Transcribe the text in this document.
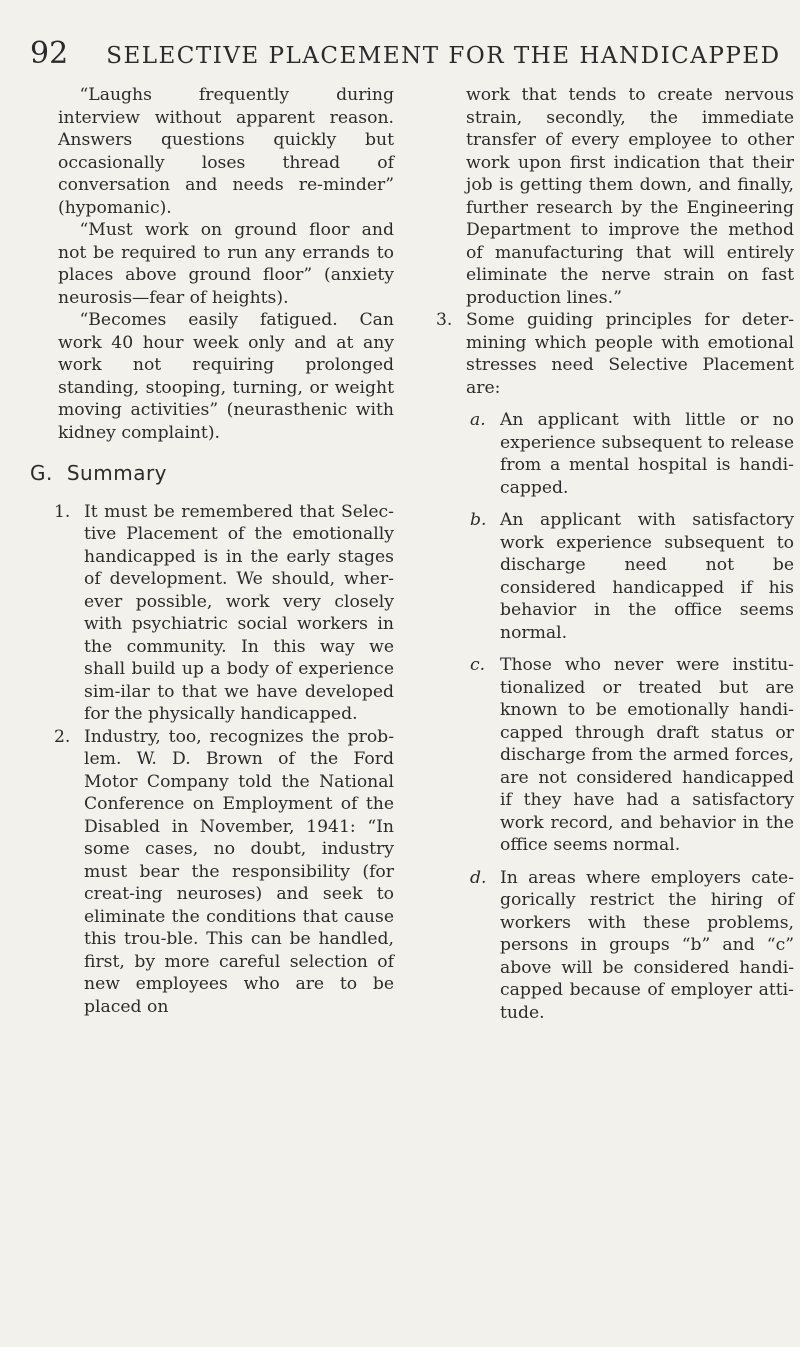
92 SELECTIVE PLACEMENT FOR THE HANDICAPPED

“Laughs frequently during interview without apparent reason. Answers questions quickly but occasionally loses thread of conversation and needs re-minder” (hypomanic).

“Must work on ground floor and not be required to run any errands to places above ground floor” (anxiety neurosis—fear of heights).

“Becomes easily fatigued. Can work 40 hour week only and at any work not requiring prolonged standing, stooping, turning, or weight moving activities” (neurasthenic with kidney complaint).

G. Summary

1. It must be remembered that Selec-tive Placement of the emotionally handicapped is in the early stages of development. We should, wher-ever possible, work very closely with psychiatric social workers in the community. In this way we shall build up a body of experience sim-ilar to that we have developed for the physically handicapped.

2. Industry, too, recognizes the prob-lem. W. D. Brown of the Ford Motor Company told the National Conference on Employment of the Disabled in November, 1941: “In some cases, no doubt, industry must bear the responsibility (for creat-ing neuroses) and seek to eliminate the conditions that cause this trou-ble. This can be handled, first, by more careful selection of new employees who are to be placed on

work that tends to create nervous strain, secondly, the immediate transfer of every employee to other work upon first indication that their job is getting them down, and finally, further research by the Engineering Department to improve the method of manufacturing that will entirely eliminate the nerve strain on fast production lines.”

3. Some guiding principles for deter-mining which people with emotional stresses need Selective Placement are:

a. An applicant with little or no experience subsequent to release from a mental hospital is handi-capped.

b. An applicant with satisfactory work experience subsequent to discharge need not be considered handicapped if his behavior in the office seems normal.

c. Those who never were institu-tionalized or treated but are known to be emotionally handi-capped through draft status or discharge from the armed forces, are not considered handicapped if they have had a satisfactory work record, and behavior in the office seems normal.

d. In areas where employers cate-gorically restrict the hiring of workers with these problems, persons in groups “b” and “c” above will be considered handi-capped because of employer atti-tude.
